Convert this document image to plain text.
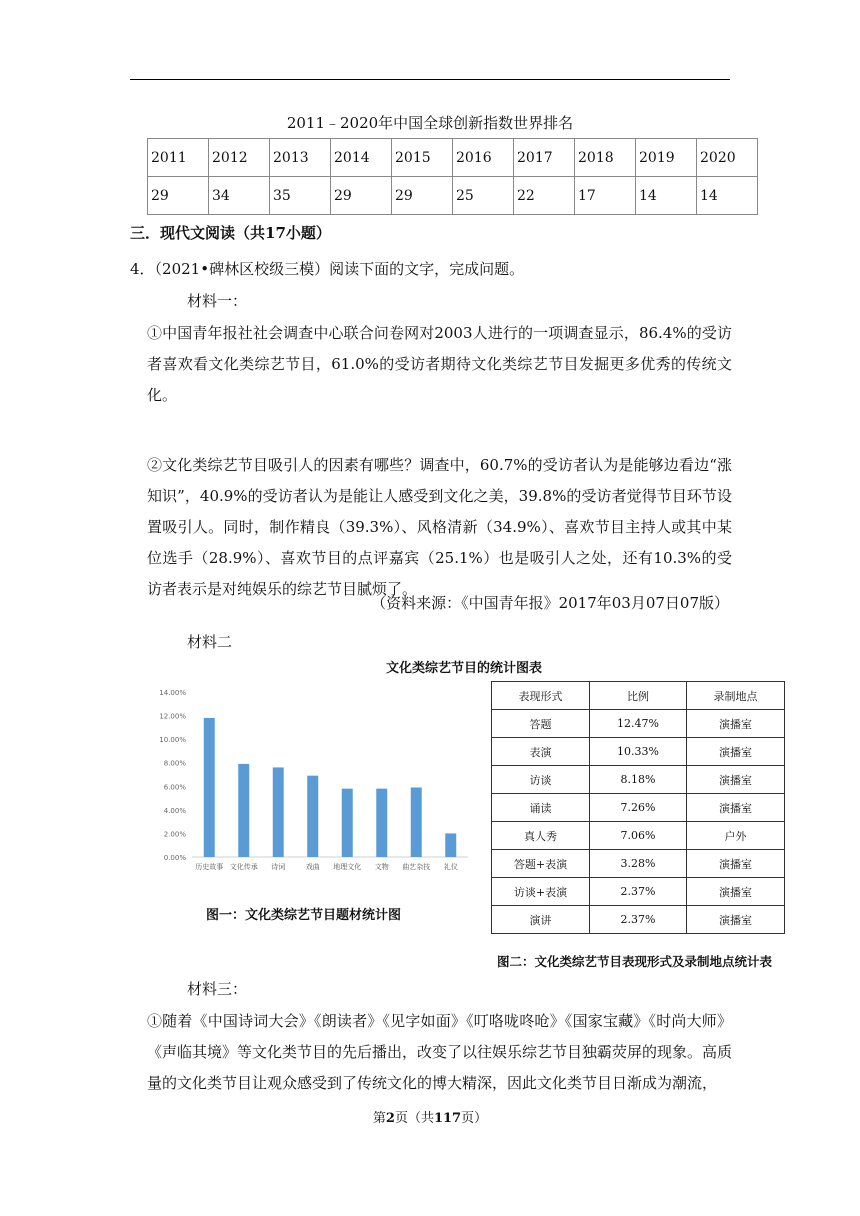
2011﹣2020年中国全球创新指数世界排名
2011	2012	2013	2014	2015	2016	2017	2018	2019	2020
29	34	35	29	29	25	22	17	14	14
三．现代文阅读（共17小题）
4．（2021•碑林区校级三模）阅读下面的文字，完成问题。
材料一：
①中国青年报社社会调查中心联合问卷网对2003人进行的一项调查显示，86.4%的受访者喜欢看文化类综艺节目，61.0%的受访者期待文化类综艺节目发掘更多优秀的传统文化。
②文化类综艺节目吸引人的因素有哪些？调查中，60.7%的受访者认为是能够边看边“涨知识”，40.9%的受访者认为是能让人感受到文化之美，39.8%的受访者觉得节目环节设置吸引人。同时，制作精良（39.3%）、风格清新（34.9%）、喜欢节目主持人或其中某位选手（28.9%）、喜欢节目的点评嘉宾（25.1%）也是吸引人之处，还有10.3%的受访者表示是对纯娱乐的综艺节目腻烦了。
（资料来源：《中国青年报》2017年03月07日07版）
材料二
文化类综艺节目的统计图表
0.00%
2.00%
4.00%
6.00%
8.00%
10.00%
12.00%
14.00%
历史故事 文化传承 诗词	戏曲 地理文化 文物 曲艺杂技 礼仪
图一：文化类综艺节目题材统计图
表现形式	比例	录制地点
答题	12.47%	演播室
表演	10.33%	演播室
访谈	8.18%	演播室
诵读	7.26%	演播室
真人秀	7.06%	户外
答题+表演	3.28%	演播室
访谈+表演	2.37%	演播室
演讲	2.37%	演播室
图二：文化类综艺节目表现形式及录制地点统计表
材料三：
①随着《中国诗词大会》《朗读者》《见字如面》《叮咯咙咚呛》《国家宝藏》《时尚大师》《声临其境》等文化类节目的先后播出，改变了以往娱乐综艺节目独霸荧屏的现象。高质量的文化类节目让观众感受到了传统文化的博大精深，因此文化类节目日渐成为潮流，
第2页（共117页）
